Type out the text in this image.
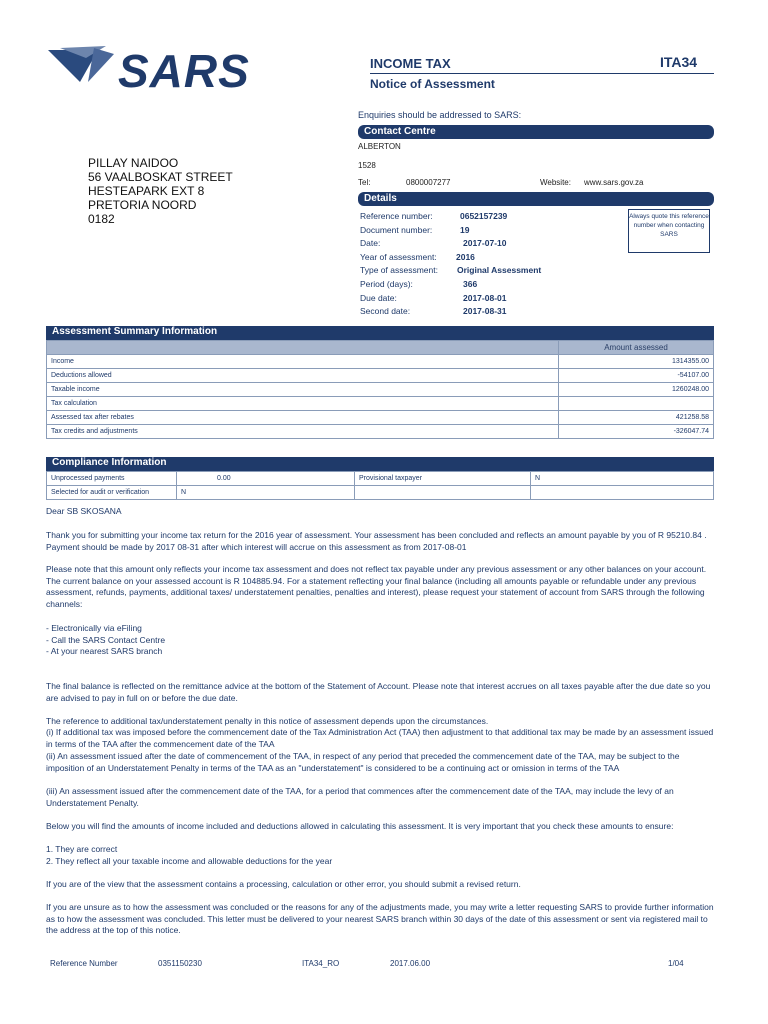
SARS	INCOME TAX	ITA34
Notice of Assessment
Enquiries should be addressed to SARS:
Contact Centre
ALBERTON
1528
Tel:	0800007277	Website: www.sars.gov.za
PILLAY NAIDOO
56 VAALBOSKAT STREET
HESTEAPARK EXT 8
PRETORIA NOORD
0182
Details
Reference number:	0652157239
Document number:	19
Date:	2017-07-10
Year of assessment: 2016
Type of assessment: Original Assessment
Period (days):	366
Due date:	2017-08-01
Second date:	2017-08-31
Always quote this reference number when contacting SARS
Assessment Summary Information
	Amount assessed
Income	1314355.00
Deductions allowed	-54107.00
Taxable income	1260248.00
Tax calculation	
Assessed tax after rebates	421258.58
Tax credits and adjustments	-326047.74
Compliance Information
Unprocessed payments	0.00	Provisional taxpayer	N
Selected for audit or verification	N		
Dear SB SKOSANA
Thank you for submitting your income tax return for the 2016 year of assessment. Your assessment has been concluded and reflects an amount payable by you of R 95210.84 . Payment should be made by 2017 08-31 after which interest will accrue on this assessment as from 2017-08-01
Please note that this amount only reflects your income tax assessment and does not reflect tax payable under any previous assessment or any other balances on your account. The current balance on your assessed account is R 104885.94. For a statement reflecting your final balance (including all amounts payable or refundable under any previous assessment, refunds, payments, additional taxes/ understatement penalties, penalties and interest), please request your statement of account from SARS through the following channels:
- Electronically via eFiling
- Call the SARS Contact Centre
- At your nearest SARS branch
The final balance is reflected on the remittance advice at the bottom of the Statement of Account. Please note that interest accrues on all taxes payable after the due date so you are advised to pay in full on or before the due date.
The reference to additional tax/understatement penalty in this notice of assessment depends upon the circumstances.
(i) If additional tax was imposed before the commencement date of the Tax Administration Act (TAA) then adjustment to that additional tax may be made by an assessment issued in terms of the TAA after the commencement date of the TAA
(ii) An assessment issued after the date of commencement of the TAA, in respect of any period that preceded the commencement date of the TAA, may be subject to the imposition of an Understatement Penalty in terms of the TAA as an "understatement" is considered to be a continuing act or omission in terms of the TAA
(iii) An assessment issued after the commencement date of the TAA, for a period that commences after the commencement date of the TAA, may include the levy of an Understatement Penalty.
Below you will find the amounts of income included and deductions allowed in calculating this assessment. It is very important that you check these amounts to ensure:
1. They are correct
2. They reflect all your taxable income and allowable deductions for the year
If you are of the view that the assessment contains a processing, calculation or other error, you should submit a revised return.
If you are unsure as to how the assessment was concluded or the reasons for any of the adjustments made, you may write a letter requesting SARS to provide further information as to how the assessment was concluded. This letter must be delivered to your nearest SARS branch within 30 days of the date of this assessment or sent via registered mail to the address at the top of this notice.
Reference Number	0351150230	ITA34_RO	2017.06.00	1/04
